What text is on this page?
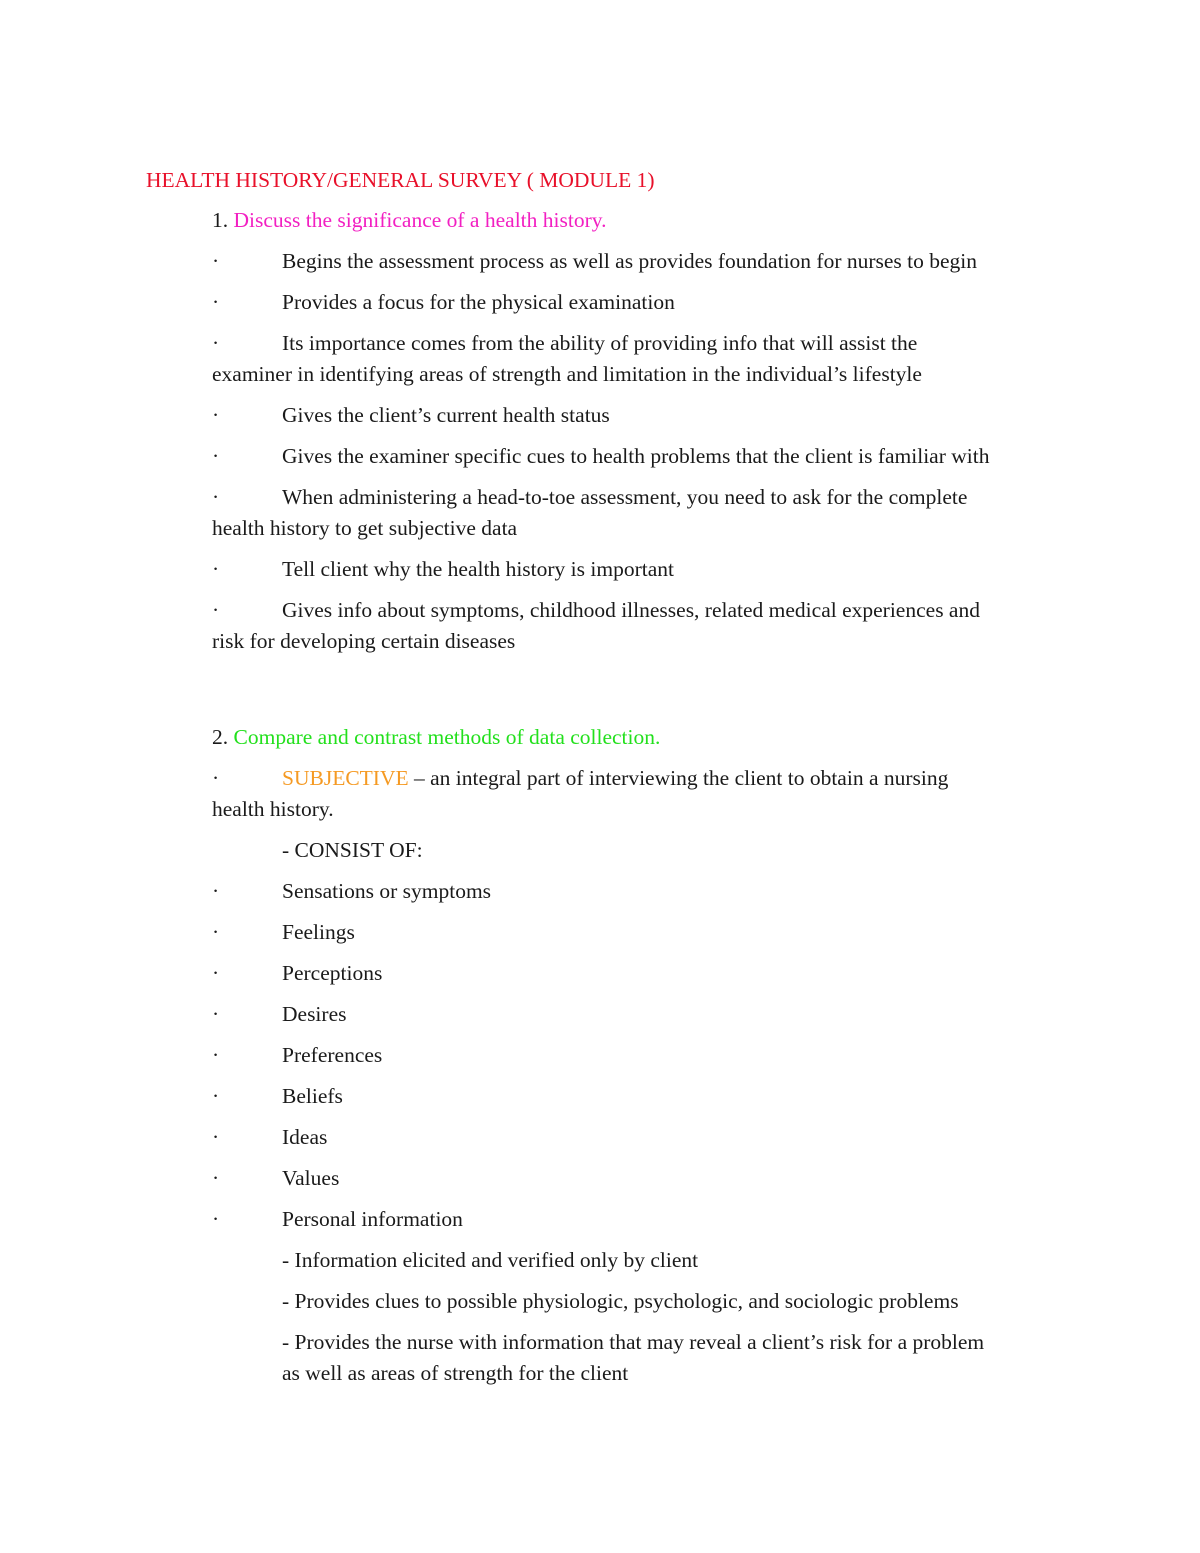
HEALTH HISTORY/GENERAL SURVEY ( MODULE 1)
1. Discuss the significance of a health history.
·	Begins the assessment process as well as provides foundation for nurses to begin
·	Provides a focus for the physical examination
·	Its importance comes from the ability of providing info that will assist the
examiner in identifying areas of strength and limitation in the individual’s lifestyle
·	Gives the client’s current health status
·	Gives the examiner specific cues to health problems that the client is familiar with
·	When administering a head-to-toe assessment, you need to ask for the complete
health history to get subjective data
·	Tell client why the health history is important
·	Gives info about symptoms, childhood illnesses, related medical experiences and
risk for developing certain diseases
2. Compare and contrast methods of data collection.
·	SUBJECTIVE – an integral part of interviewing the client to obtain a nursing
health history.
- CONSIST OF:
·	Sensations or symptoms
·	Feelings
·	Perceptions
·	Desires
·	Preferences
·	Beliefs
·	Ideas
·	Values
·	Personal information
- Information elicited and verified only by client
- Provides clues to possible physiologic, psychologic, and sociologic problems
- Provides the nurse with information that may reveal a client’s risk for a problem
as well as areas of strength for the client
